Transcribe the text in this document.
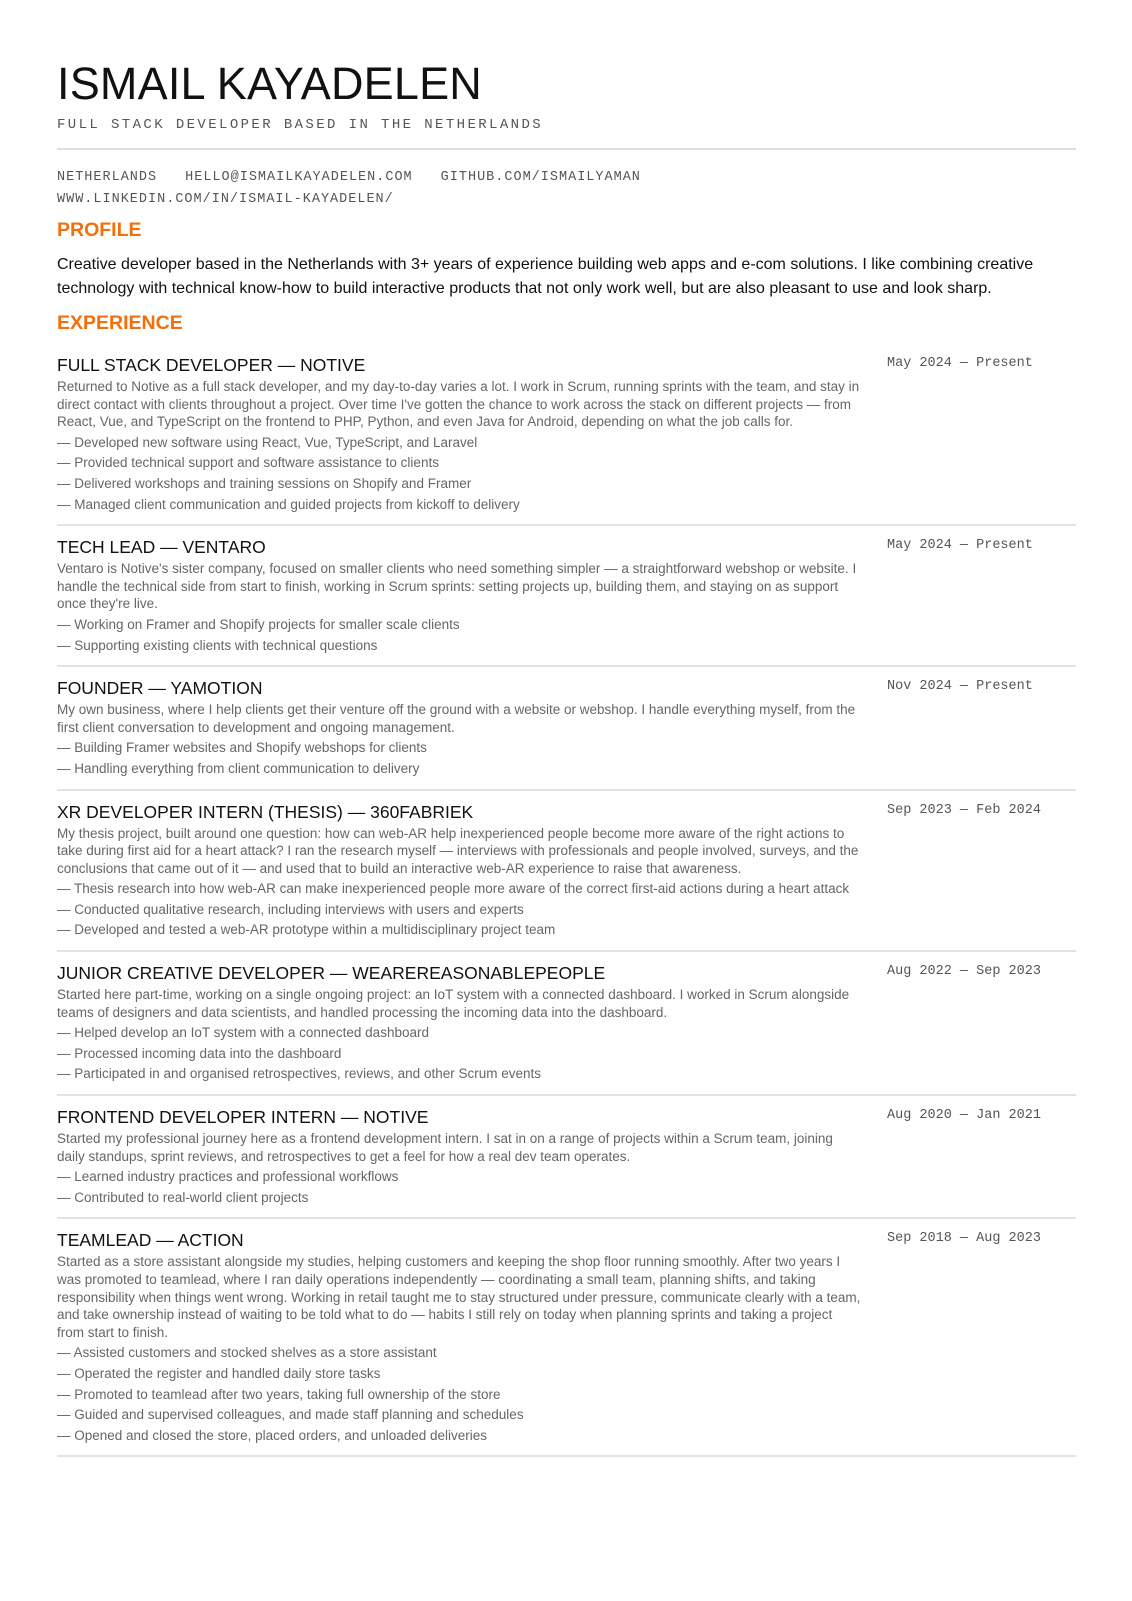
ISMAIL KAYADELEN
FULL STACK DEVELOPER BASED IN THE NETHERLANDS
NETHERLANDS HELLO@ISMAILKAYADELEN.COM GITHUB.COM/ISMAILYAMAN
WWW.LINKEDIN.COM/IN/ISMAIL-KAYADELEN/
PROFILE
Creative developer based in the Netherlands with 3+ years of experience building web apps and e-com solutions. I like combining creative technology with technical know-how to build interactive products that not only work well, but are also pleasant to use and look sharp.
EXPERIENCE
FULL STACK DEVELOPER — NOTIVE	May 2024 — Present
Returned to Notive as a full stack developer, and my day-to-day varies a lot. I work in Scrum, running sprints with the team, and stay in direct contact with clients throughout a project. Over time I've gotten the chance to work across the stack on different projects — from React, Vue, and TypeScript on the frontend to PHP, Python, and even Java for Android, depending on what the job calls for.
— Developed new software using React, Vue, TypeScript, and Laravel
— Provided technical support and software assistance to clients
— Delivered workshops and training sessions on Shopify and Framer
— Managed client communication and guided projects from kickoff to delivery
TECH LEAD — VENTARO	May 2024 — Present
Ventaro is Notive's sister company, focused on smaller clients who need something simpler — a straightforward webshop or website. I handle the technical side from start to finish, working in Scrum sprints: setting projects up, building them, and staying on as support once they're live.
— Working on Framer and Shopify projects for smaller scale clients
— Supporting existing clients with technical questions
FOUNDER — YAMOTION	Nov 2024 — Present
My own business, where I help clients get their venture off the ground with a website or webshop. I handle everything myself, from the first client conversation to development and ongoing management.
— Building Framer websites and Shopify webshops for clients
— Handling everything from client communication to delivery
XR DEVELOPER INTERN (THESIS) — 360FABRIEK	Sep 2023 — Feb 2024
My thesis project, built around one question: how can web-AR help inexperienced people become more aware of the right actions to take during first aid for a heart attack? I ran the research myself — interviews with professionals and people involved, surveys, and the conclusions that came out of it — and used that to build an interactive web-AR experience to raise that awareness.
— Thesis research into how web-AR can make inexperienced people more aware of the correct first-aid actions during a heart attack
— Conducted qualitative research, including interviews with users and experts
— Developed and tested a web-AR prototype within a multidisciplinary project team
JUNIOR CREATIVE DEVELOPER — WEAREREASONABLEPEOPLE	Aug 2022 — Sep 2023
Started here part-time, working on a single ongoing project: an IoT system with a connected dashboard. I worked in Scrum alongside teams of designers and data scientists, and handled processing the incoming data into the dashboard.
— Helped develop an IoT system with a connected dashboard
— Processed incoming data into the dashboard
— Participated in and organised retrospectives, reviews, and other Scrum events
FRONTEND DEVELOPER INTERN — NOTIVE	Aug 2020 — Jan 2021
Started my professional journey here as a frontend development intern. I sat in on a range of projects within a Scrum team, joining daily standups, sprint reviews, and retrospectives to get a feel for how a real dev team operates.
— Learned industry practices and professional workflows
— Contributed to real-world client projects
TEAMLEAD — ACTION	Sep 2018 — Aug 2023
Started as a store assistant alongside my studies, helping customers and keeping the shop floor running smoothly. After two years I was promoted to teamlead, where I ran daily operations independently — coordinating a small team, planning shifts, and taking responsibility when things went wrong. Working in retail taught me to stay structured under pressure, communicate clearly with a team, and take ownership instead of waiting to be told what to do — habits I still rely on today when planning sprints and taking a project from start to finish.
— Assisted customers and stocked shelves as a store assistant
— Operated the register and handled daily store tasks
— Promoted to teamlead after two years, taking full ownership of the store
— Guided and supervised colleagues, and made staff planning and schedules
— Opened and closed the store, placed orders, and unloaded deliveries
